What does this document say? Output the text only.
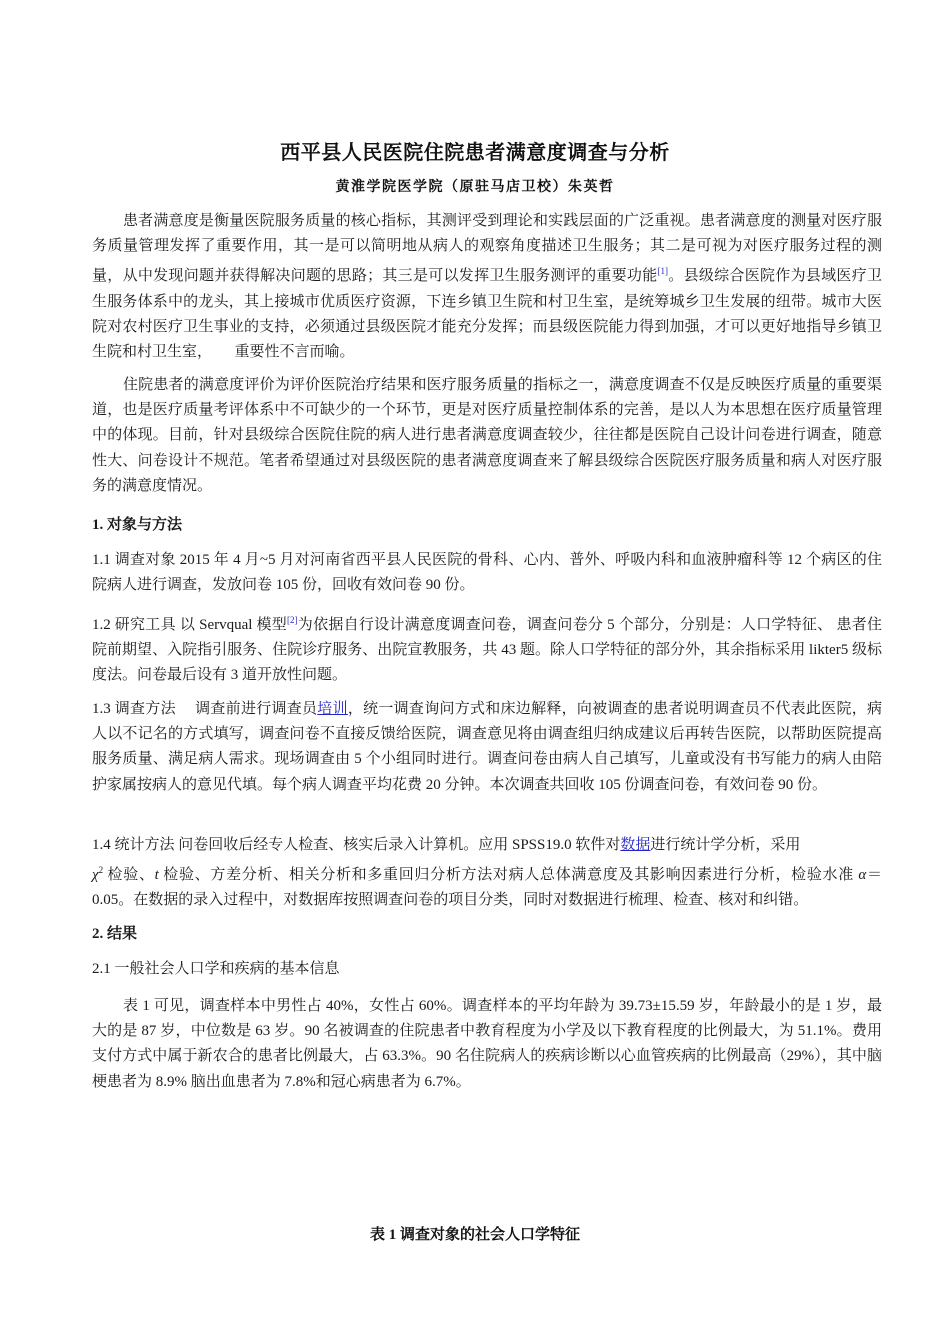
西平县人民医院住院患者满意度调查与分析
黄淮学院医学院（原驻马店卫校）朱英哲

患者满意度是衡量医院服务质量的核心指标，其测评受到理论和实践层面的广泛重视。患者满意度的测量对医疗服务质量管理发挥了重要作用，其一是可以简明地从病人的观察角度描述卫生服务；其二是可视为对医疗服务过程的测量，从中发现问题并获得解决问题的思路；其三是可以发挥卫生服务测评的重要功能[1]。县级综合医院作为县域医疗卫生服务体系中的龙头，其上接城市优质医疗资源，下连乡镇卫生院和村卫生室，是统筹城乡卫生发展的纽带。城市大医院对农村医疗卫生事业的支持，必须通过县级医院才能充分发挥；而县级医院能力得到加强，才可以更好地指导乡镇卫生院和村卫生室，　　重要性不言而喻。

住院患者的满意度评价为评价医院治疗结果和医疗服务质量的指标之一，满意度调查不仅是反映医疗质量的重要渠道，也是医疗质量考评体系中不可缺少的一个环节，更是对医疗质量控制体系的完善，是以人为本思想在医疗质量管理中的体现。目前，针对县级综合医院住院的病人进行患者满意度调查较少，往往都是医院自己设计问卷进行调查，随意性大、问卷设计不规范。笔者希望通过对县级医院的患者满意度调查来了解县级综合医院医疗服务质量和病人对医疗服务的满意度情况。

1. 对象与方法

1.1 调查对象 2015 年 4 月~5 月对河南省西平县人民医院的骨科、心内、普外、呼吸内科和血液肿瘤科等 12 个病区的住院病人进行调查，发放问卷 105 份，回收有效问卷 90 份。

1.2 研究工具 以 Servqual 模型[2]为依据自行设计满意度调查问卷，调查问卷分 5 个部分，分别是：人口学特征、 患者住院前期望、入院指引服务、住院诊疗服务、出院宣教服务，共 43 题。除人口学特征的部分外，其余指标采用 likter5 级标度法。问卷最后设有 3 道开放性问题。

1.3 调查方法　 调查前进行调查员培训，统一调查询问方式和床边解释，向被调查的患者说明调查员不代表此医院，病人以不记名的方式填写，调查问卷不直接反馈给医院，调查意见将由调查组归纳成建议后再转告医院，以帮助医院提高服务质量、满足病人需求。现场调查由 5 个小组同时进行。调查问卷由病人自己填写，儿童或没有书写能力的病人由陪护家属按病人的意见代填。每个病人调查平均花费 20 分钟。本次调查共回收 105 份调查问卷，有效问卷 90 份。

1.4 统计方法 问卷回收后经专人检查、核实后录入计算机。应用 SPSS19.0 软件对数据进行统计学分析，采用
$\chi^2$ 检验、t 检验、方差分析、相关分析和多重回归分析方法对病人总体满意度及其影响因素进行分析，检验水准 α＝0.05。在数据的录入过程中，对数据库按照调查问卷的项目分类，同时对数据进行梳理、检查、核对和纠错。

2. 结果

2.1 一般社会人口学和疾病的基本信息

表 1 可见，调查样本中男性占 40%，女性占 60%。调查样本的平均年龄为 39.73±15.59 岁，年龄最小的是 1 岁，最大的是 87 岁，中位数是 63 岁。90 名被调查的住院患者中教育程度为小学及以下教育程度的比例最大，为 51.1%。费用支付方式中属于新农合的患者比例最大，占 63.3%。90 名住院病人的疾病诊断以心血管疾病的比例最高（29%），其中脑梗患者为 8.9% 脑出血患者为 7.8%和冠心病患者为 6.7%。

表 1 调查对象的社会人口学特征
